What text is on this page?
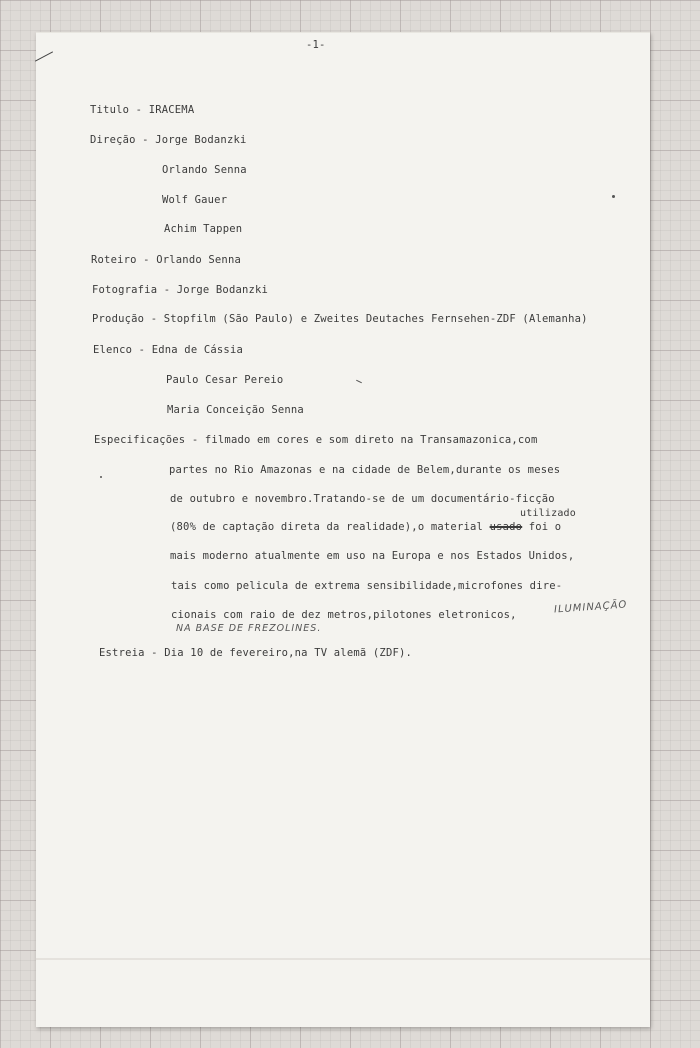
-1-
Titulo - IRACEMA
Direção - Jorge Bodanzki
Orlando Senna
Wolf Gauer
Achim Tappen
Roteiro - Orlando Senna
Fotografia - Jorge Bodanzki
Produção - Stopfilm (São Paulo) e Zweites Deutaches Fernsehen-ZDF (Alemanha)
Elenco - Edna de Cássia
Paulo Cesar Pereio
Maria Conceição Senna
Especificações - filmado em cores e som direto na Transamazonica,com
partes no Rio Amazonas e na cidade de Belem,durante os meses
de outubro e novembro.Tratando-se de um documentário-ficção
utilizado
(80% de captação direta da realidade),o material usado foi o
mais moderno atualmente em uso na Europa e nos Estados Unidos,
tais como pelicula de extrema sensibilidade,microfones dire-
cionais com raio de dez metros,pilotones eletronicos,	ILUMINAÇÃO
NA BASE DE FREZOLINES.
Estreia - Dia 10 de fevereiro,na TV alemã (ZDF).
